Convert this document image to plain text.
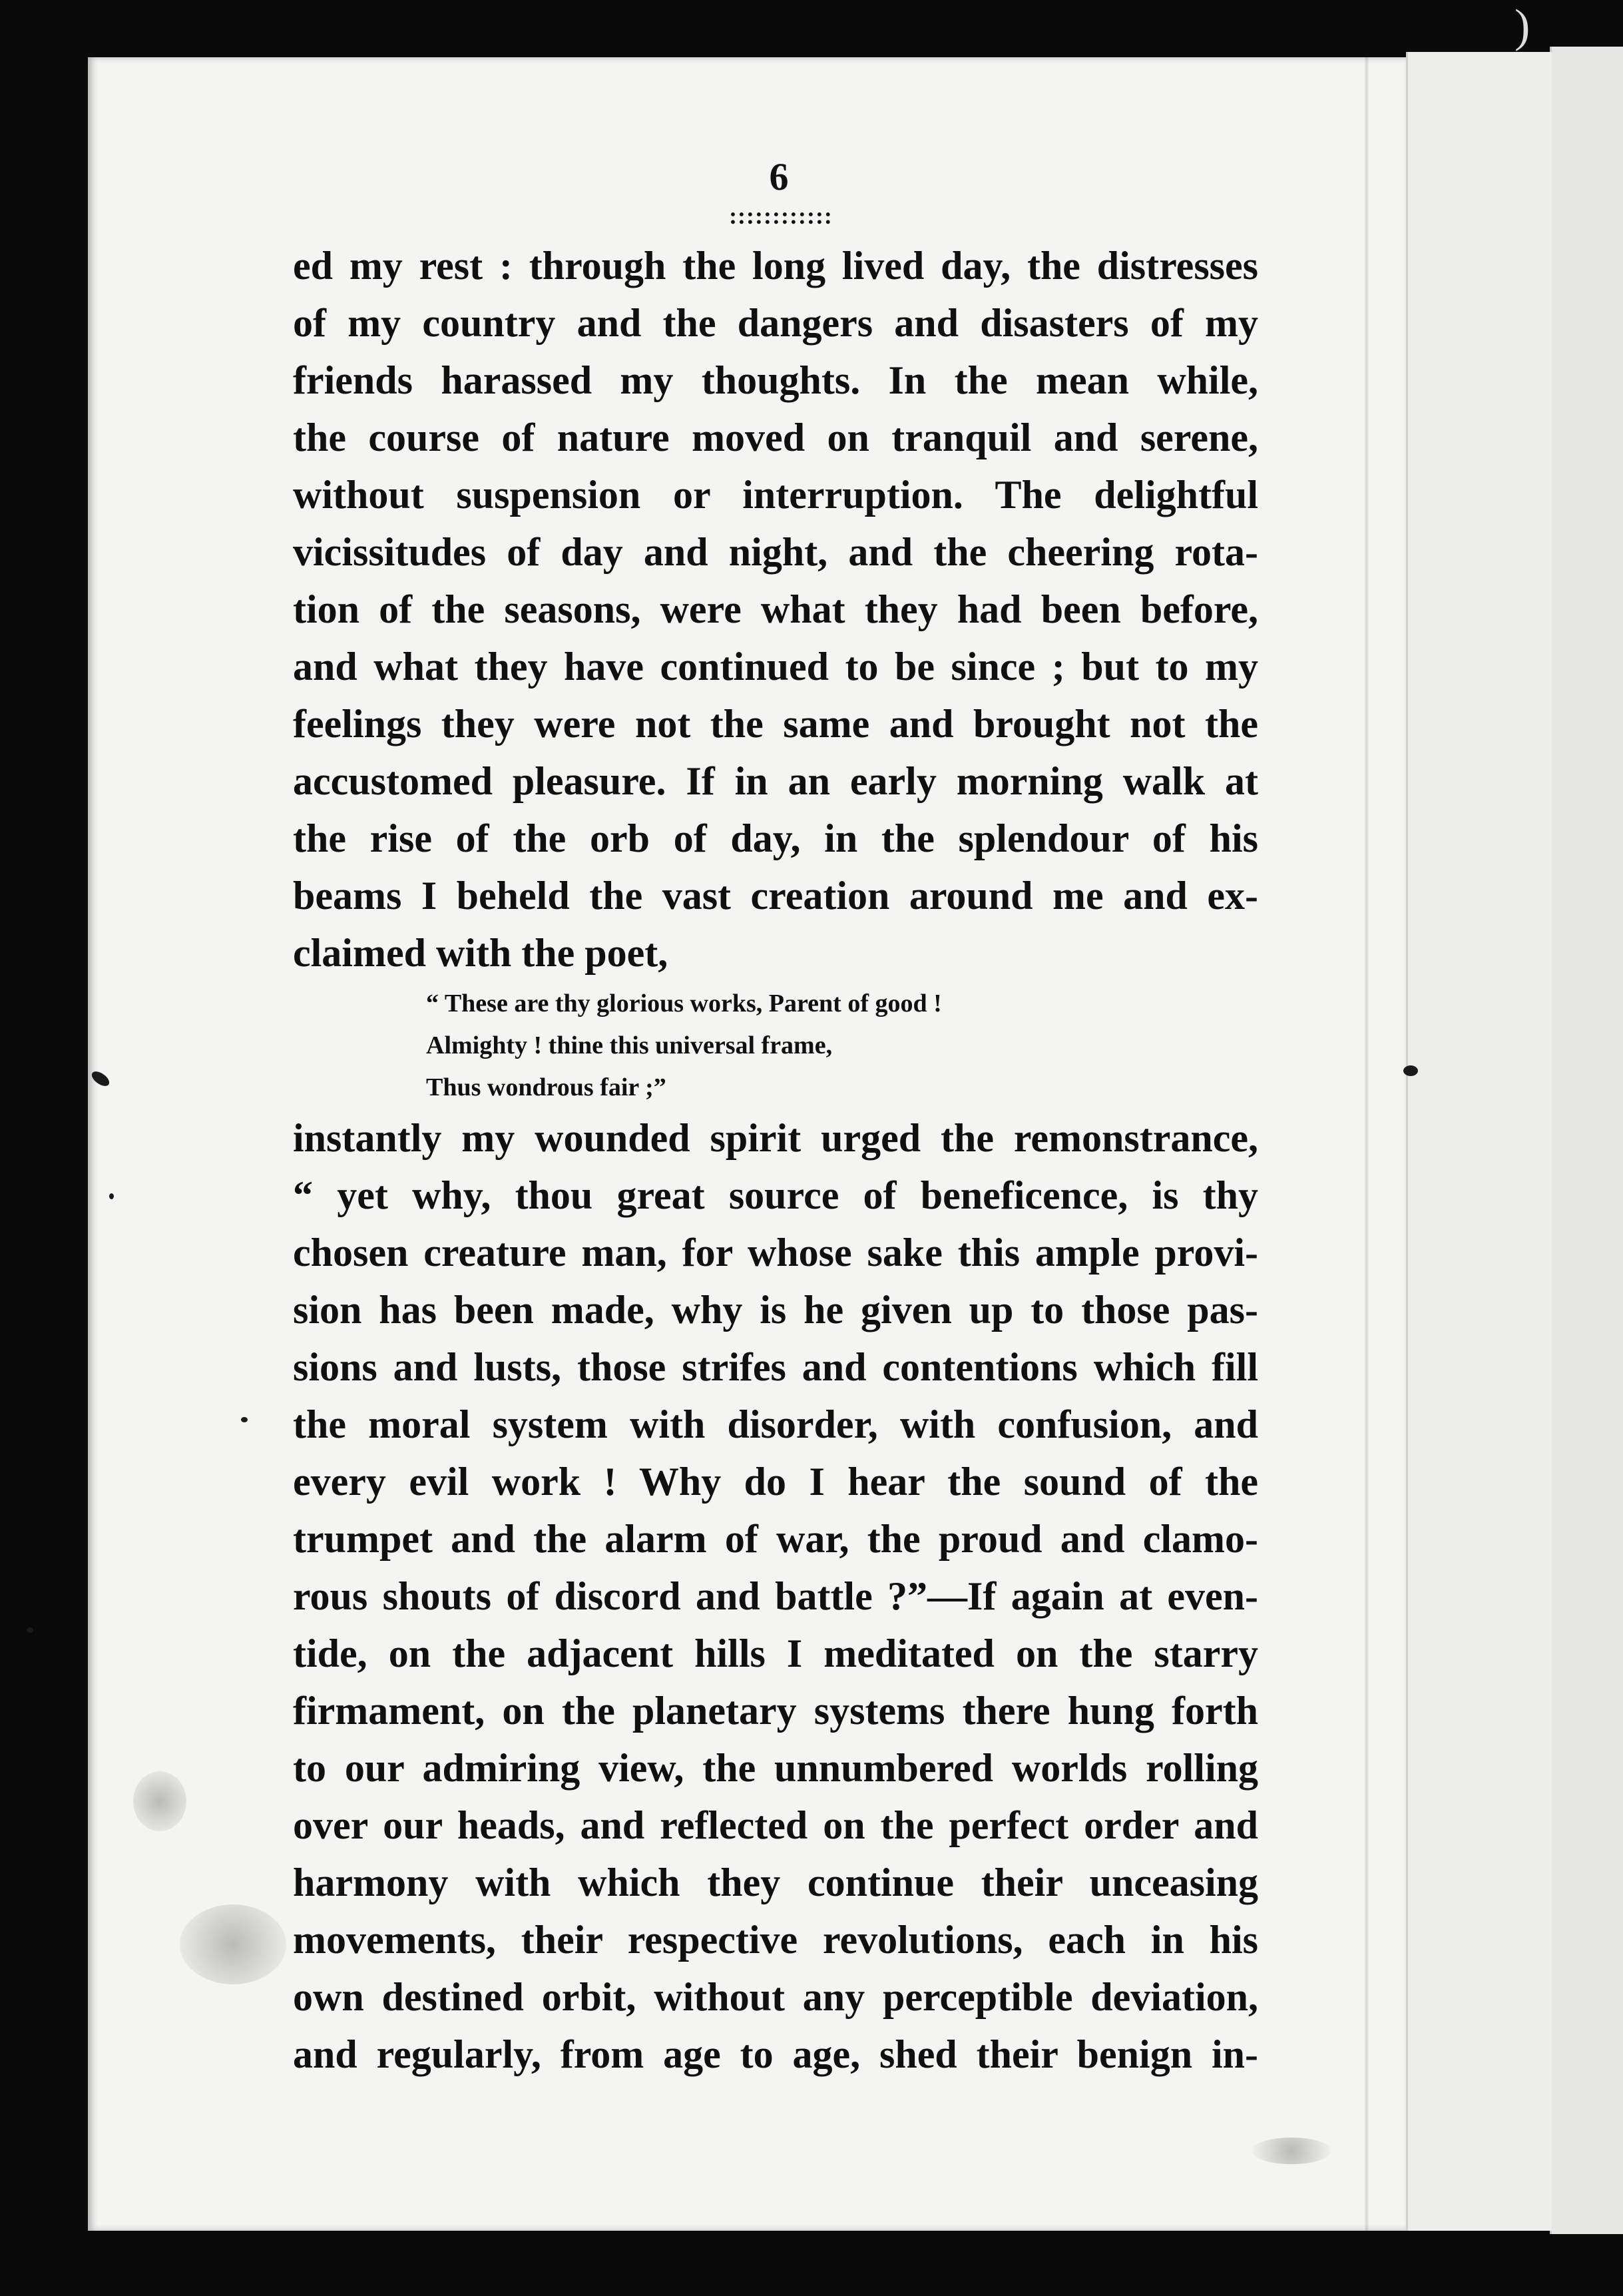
)
6
::::::::::::
ed my rest : through the long lived day, the distresses
of my country and the dangers and disasters of my
friends harassed my thoughts. In the mean while,
the course of nature moved on tranquil and serene,
without suspension or interruption. The delightful
vicissitudes of day and night, and the cheering rota-
tion of the seasons, were what they had been before,
and what they have continued to be since ; but to my
feelings they were not the same and brought not the
accustomed pleasure. If in an early morning walk at
the rise of the orb of day, in the splendour of his
beams I beheld the vast creation around me and ex-
claimed with the poet,
“ These are thy glorious works, Parent of good !
Almighty ! thine this universal frame,
Thus wondrous fair ;”
instantly my wounded spirit urged the remonstrance,
“ yet why, thou great source of beneficence, is thy
chosen creature man, for whose sake this ample provi-
sion has been made, why is he given up to those pas-
sions and lusts, those strifes and contentions which fill
the moral system with disorder, with confusion, and
every evil work ! Why do I hear the sound of the
trumpet and the alarm of war, the proud and clamo-
rous shouts of discord and battle ?”—If again at even-
tide, on the adjacent hills I meditated on the starry
firmament, on the planetary systems there hung forth
to our admiring view, the unnumbered worlds rolling
over our heads, and reflected on the perfect order and
harmony with which they continue their unceasing
movements, their respective revolutions, each in his
own destined orbit, without any perceptible deviation,
and regularly, from age to age, shed their benign in-
